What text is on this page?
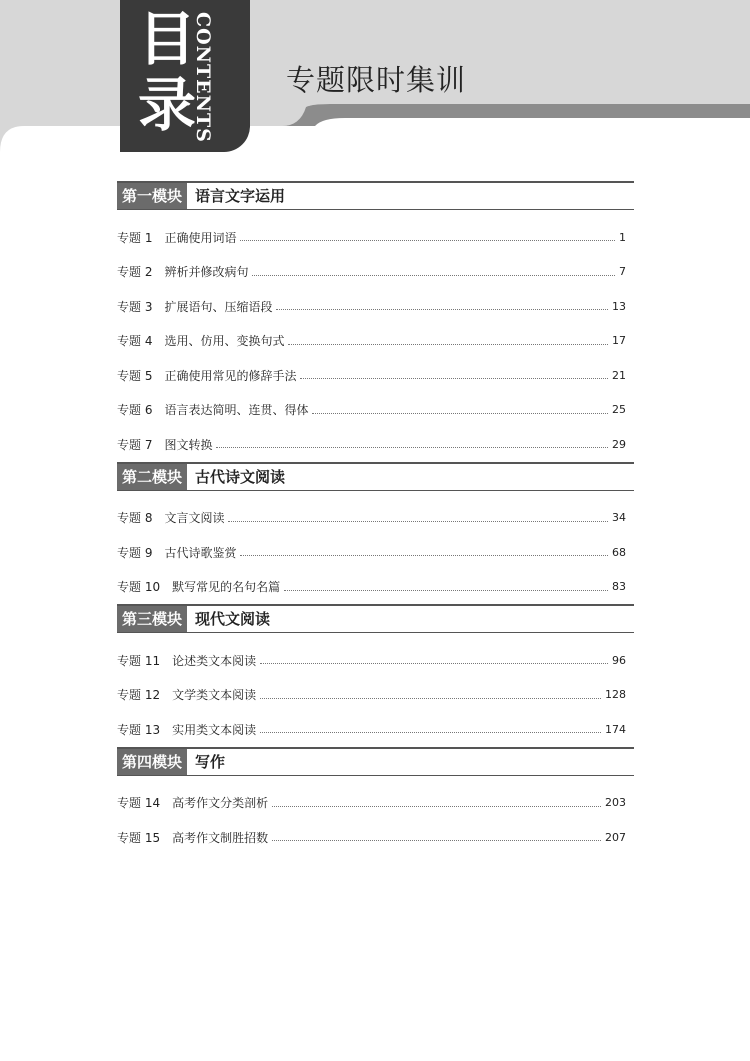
目
录
CONTENTS 专题限时集训
第一模块 语言文字运用
专题 1 正确使用词语	1
专题 2 辨析并修改病句	7
专题 3 扩展语句、压缩语段	13
专题 4 选用、仿用、变换句式	17
专题 5 正确使用常见的修辞手法	21
专题 6 语言表达简明、连贯、得体	25
专题 7 图文转换	29
第二模块 古代诗文阅读
专题 8 文言文阅读	34
专题 9 古代诗歌鉴赏	68
专题 10 默写常见的名句名篇	83
第三模块 现代文阅读
专题 11 论述类文本阅读	96
专题 12 文学类文本阅读	128
专题 13 实用类文本阅读	174
第四模块 写作
专题 14 高考作文分类剖析	203
专题 15 高考作文制胜招数	207
